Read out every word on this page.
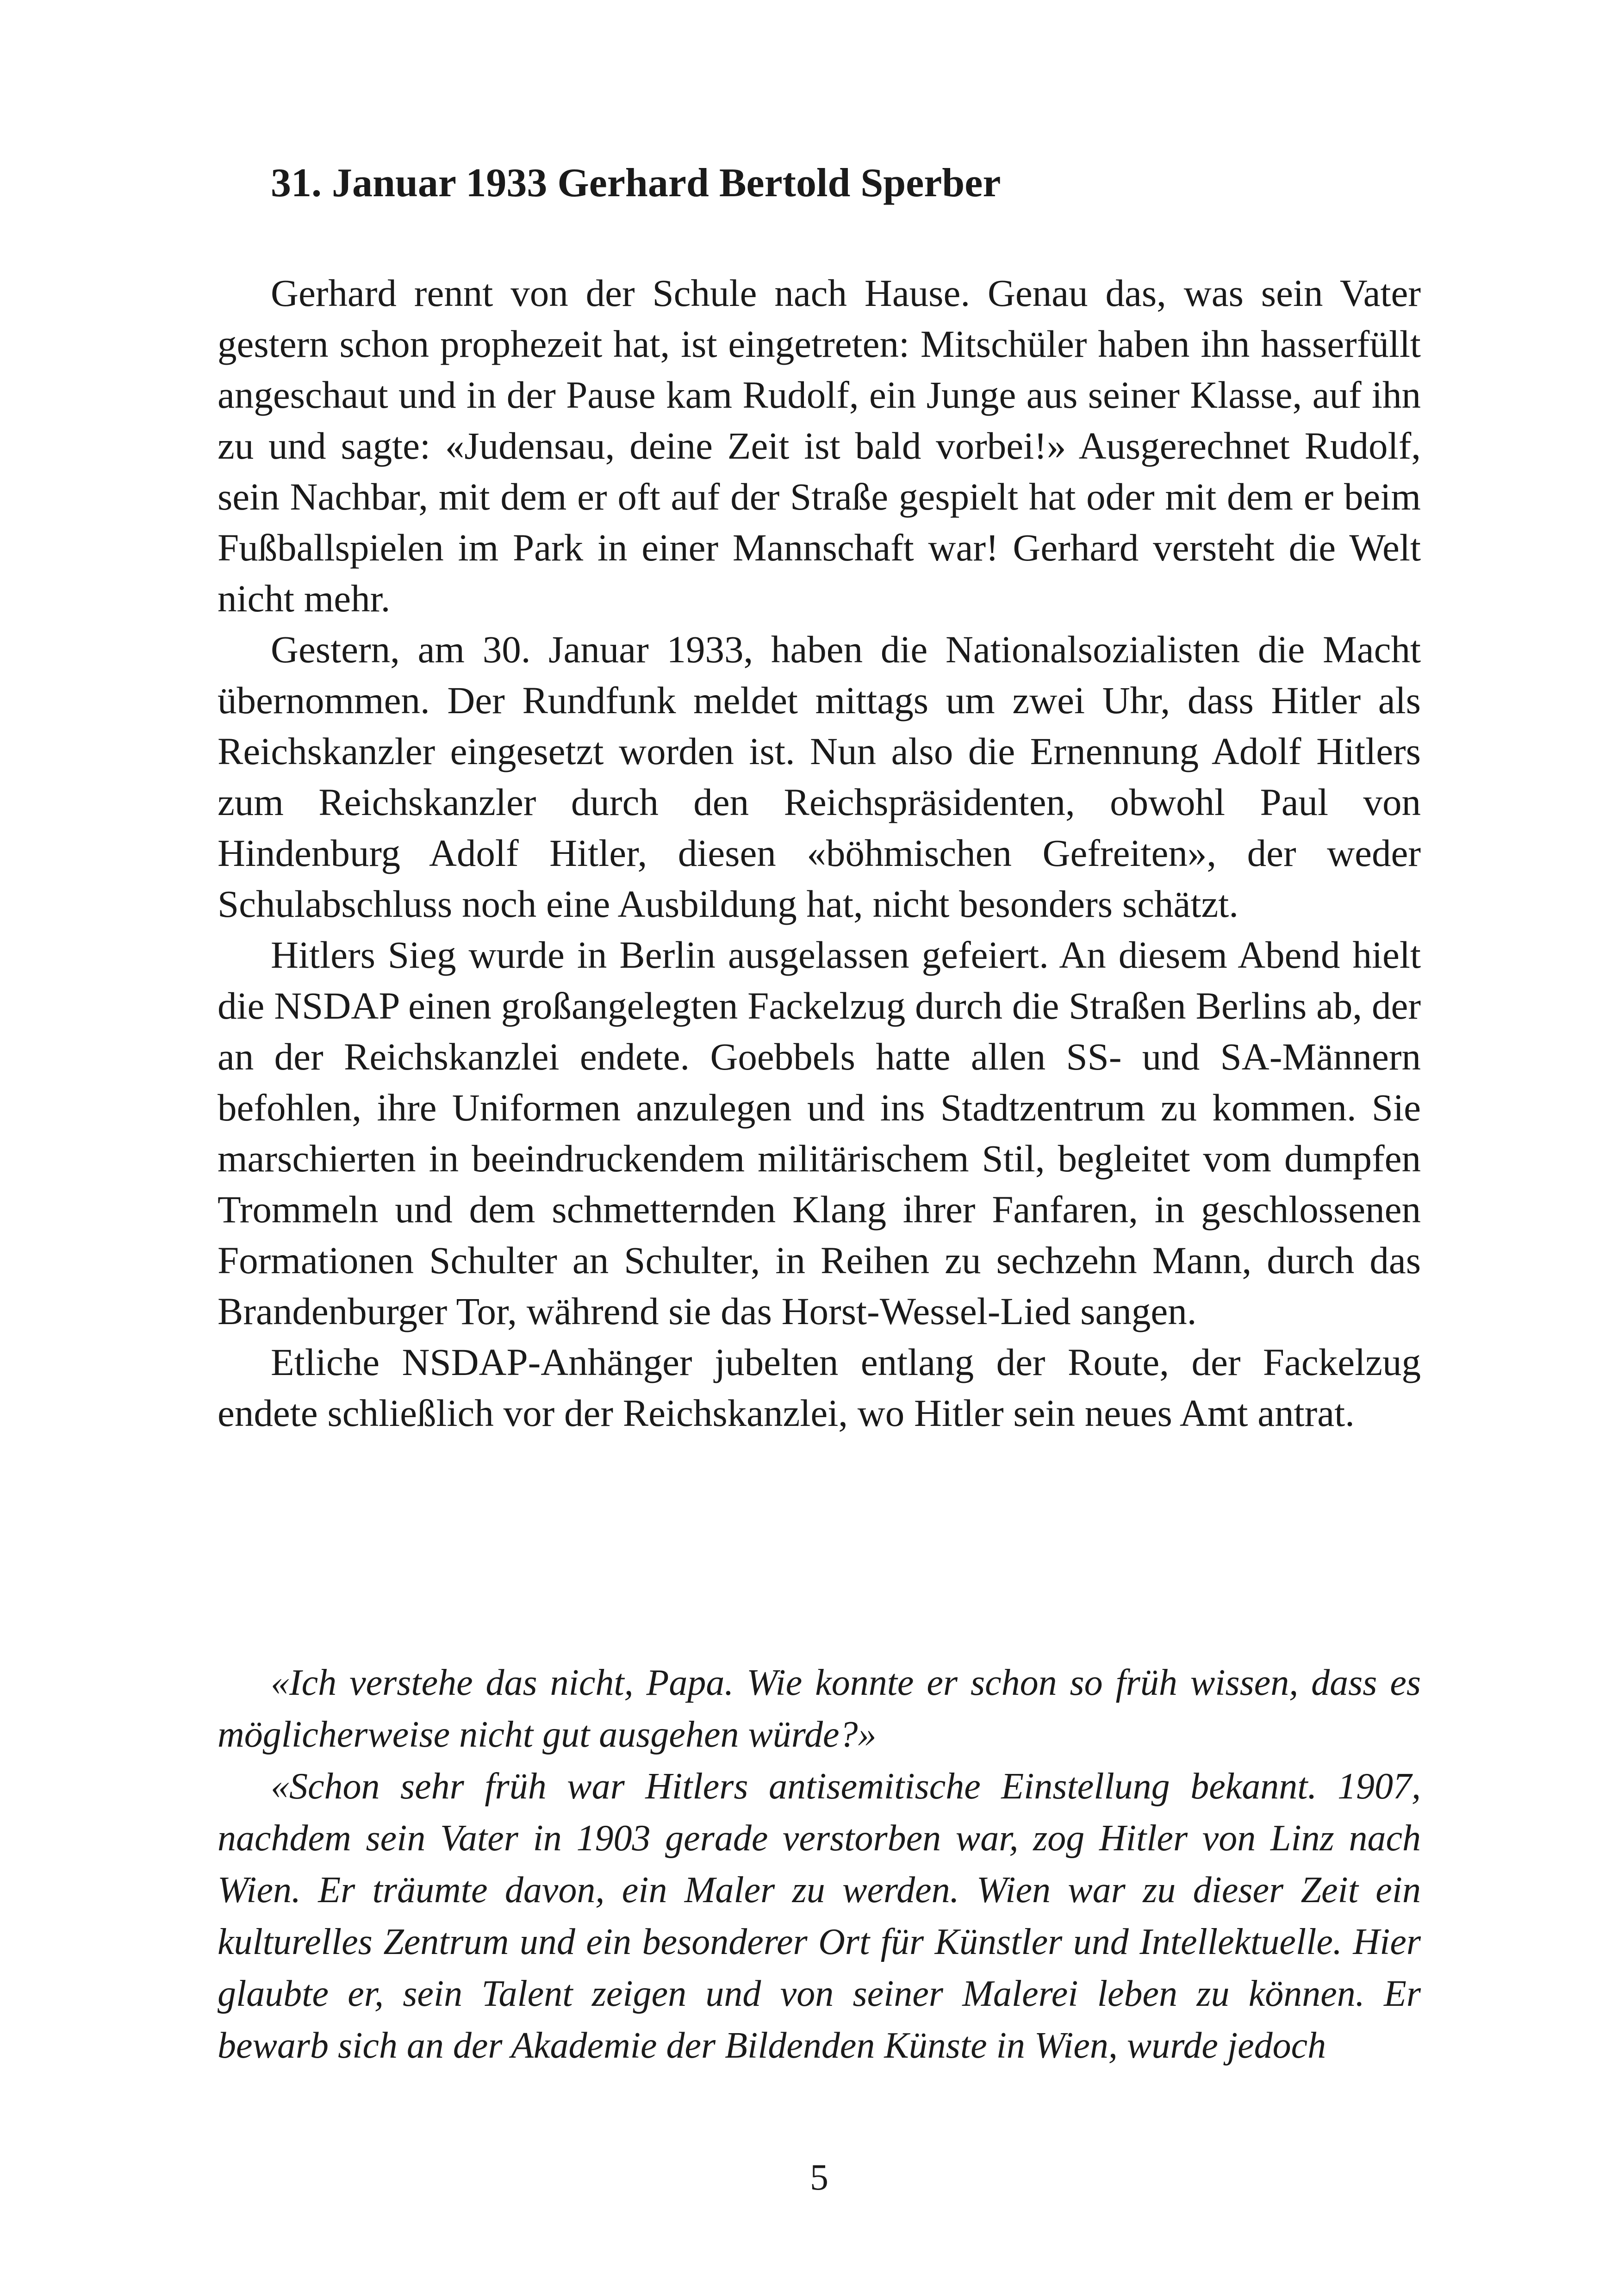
31. Januar 1933 Gerhard Bertold Sperber

Gerhard rennt von der Schule nach Hause. Genau das, was sein Vater gestern schon prophezeit hat, ist eingetreten: Mitschüler haben ihn hasserfüllt angeschaut und in der Pause kam Rudolf, ein Junge aus seiner Klasse, auf ihn zu und sagte: «Judensau, deine Zeit ist bald vorbei!» Ausgerechnet Rudolf, sein Nachbar, mit dem er oft auf der Straße gespielt hat oder mit dem er beim Fußballspielen im Park in einer Mannschaft war! Gerhard versteht die Welt nicht mehr.

Gestern, am 30. Januar 1933, haben die Nationalsozialisten die Macht übernommen. Der Rundfunk meldet mittags um zwei Uhr, dass Hitler als Reichskanzler eingesetzt worden ist. Nun also die Ernennung Adolf Hitlers zum Reichskanzler durch den Reichspräsidenten, obwohl Paul von Hindenburg Adolf Hitler, diesen «böhmischen Gefreiten», der weder Schulabschluss noch eine Ausbildung hat, nicht besonders schätzt.

Hitlers Sieg wurde in Berlin ausgelassen gefeiert. An diesem Abend hielt die NSDAP einen großangelegten Fackelzug durch die Straßen Berlins ab, der an der Reichskanzlei endete. Goebbels hatte allen SS- und SA-Männern befohlen, ihre Uniformen anzulegen und ins Stadtzentrum zu kommen. Sie marschierten in beeindruckendem militärischem Stil, begleitet vom dumpfen Trommeln und dem schmetternden Klang ihrer Fanfaren, in geschlossenen Formationen Schulter an Schulter, in Reihen zu sechzehn Mann, durch das Brandenburger Tor, während sie das Horst-Wessel-Lied sangen.

Etliche NSDAP-Anhänger jubelten entlang der Route, der Fackelzug endete schließlich vor der Reichskanzlei, wo Hitler sein neues Amt antrat.

«Ich verstehe das nicht, Papa. Wie konnte er schon so früh wissen, dass es möglicherweise nicht gut ausgehen würde?»

«Schon sehr früh war Hitlers antisemitische Einstellung bekannt. 1907, nachdem sein Vater in 1903 gerade verstorben war, zog Hitler von Linz nach Wien. Er träumte davon, ein Maler zu werden. Wien war zu dieser Zeit ein kulturelles Zentrum und ein besonderer Ort für Künstler und Intellektuelle. Hier glaubte er, sein Talent zeigen und von seiner Malerei leben zu können. Er bewarb sich an der Akademie der Bildenden Künste in Wien, wurde jedoch

5
